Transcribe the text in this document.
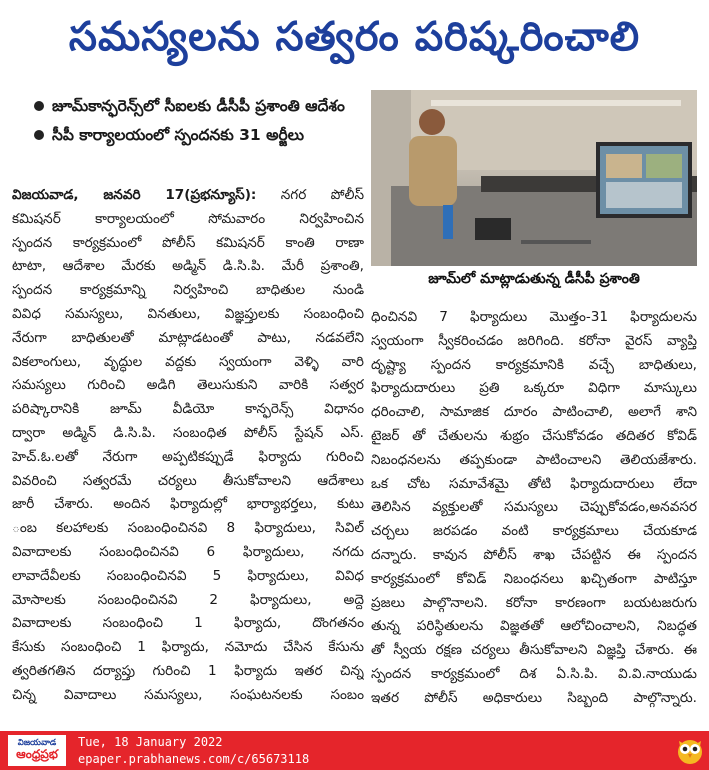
సమస్యలను సత్వరం పరిష్కరించాలి
జూమ్‌కాన్ఫరెన్స్‌లో సీఐలకు డీసీపీ ప్రశాంతి ఆదేశం
సీపీ కార్యాలయంలో స్పందనకు 31 అర్జీలు
జూమ్‌లో మాట్లాడుతున్న డీసీపీ ప్రశాంతి
విజయవాడ, జనవరి 17(ప్రభన్యూస్): నగర పోలీస్
కమిషనర్ కార్యాలయంలో సోమవారం నిర్వహించిన
స్పందన కార్యక్రమంలో పోలీస్ కమిషనర్ కాంతి రాణా
టాటా, ఆదేశాల మేరకు అడ్మిన్ డి.సి.పి. మేరీ ప్రశాంతి,
స్పందన కార్యక్రమాన్ని నిర్వహించి బాధితుల నుండి
వివిధ సమస్యలు, వినతులు, విజ్ఞప్తులకు సంబంధించి
నేరుగా బాధితులతో మాట్లాడటంతో పాటు, నడవలేని
వికలాంగులు, వృద్ధుల వద్దకు స్వయంగా వెళ్ళి వారి
సమస్యలు గురించి అడిగి తెలుసుకుని వారికి సత్వర
పరిష్కారానికి జూమ్ వీడియో కాన్ఫరెన్స్ విధానం
ద్వారా అడ్మిన్ డి.సి.పి. సంబంధిత పోలీస్ స్టేషన్ ఎస్.
హెచ్.ఓ.లతో నేరుగా అప్పటికప్పుడే ఫిర్యాదు గురించి
వివరించి సత్వరమే చర్యలు తీసుకోవాలని ఆదేశాలు
జారీ చేశారు. అందిన ఫిర్యాదుల్లో భార్యాభర్తలు, కుటు
ంబ కలహాలకు సంబంధించినవి 8 ఫిర్యాదులు, సివిల్
వివాదాలకు సంబంధించినవి 6 ఫిర్యాదులు, నగదు
లావాదేవీలకు సంబంధించినవి 5 ఫిర్యాదులు, వివిధ
మోసాలకు సంబంధించినవి 2 ఫిర్యాదులు, అద్దె
వివాదాలకు సంబంధించి 1 ఫిర్యాదు, దొంగతనం
కేసుకు సంబంధించి 1 ఫిర్యాదు, నమోదు చేసిన కేసును
త్వరితగతిన దర్యాప్తు గురించి 1 ఫిర్యాదు ఇతర చిన్న
చిన్న వివాదాలు సమస్యలు, సంఘటనలకు సంబం
ధించినవి 7 ఫిర్యాదులు మొత్తం-31 ఫిర్యాదులను
స్వయంగా స్వీకరించడం జరిగింది. కరోనా వైరస్ వ్యాప్తి
దృష్ట్యా స్పందన కార్యక్రమానికి వచ్చే బాధితులు,
ఫిర్యాదుదారులు ప్రతి ఒక్కరూ విధిగా మాస్కులు
ధరించాలి, సామాజిక దూరం పాటించాలి, అలాగే శాని
టైజర్ తో చేతులను శుభ్రం చేసుకోవడం తదితర కోవిడ్
నిబంధనలను తప్పకుండా పాటించాలని తెలియజేశారు.
ఒక చోట సమావేశమై తోటి ఫిర్యాదుదారులు లేదా
తెలిసిన వ్యక్తులతో సమస్యలు చెప్పుకోవడం,అనవసర
చర్చలు జరపడం వంటి కార్యక్రమాలు చేయకూడ
దన్నారు. కావున పోలీస్ శాఖ చేపట్టిన ఈ స్పందన
కార్యక్రమంలో కోవిడ్ నిబంధనలు ఖచ్చితంగా పాటిస్తూ
ప్రజలు పాల్గొనాలని. కరోనా కారణంగా బయటజరుగు
తున్న పరిస్థితులను విజ్ఞతతో ఆలోచించాలని, నిబద్ధత
తో స్వీయ రక్షణ చర్యలు తీసుకోవాలని విజ్ఞప్తి చేశారు. ఈ
స్పందన కార్యక్రమంలో దిశ ఏ.సి.పి. వి.వి.నాయుడు
ఇతర పోలీస్ అధికారులు సిబ్బంది పాల్గొన్నారు.
విజయవాడ
ఆంధ్రప్రభ
Tue, 18 January 2022
epaper.prabhanews.com/c/65673118
